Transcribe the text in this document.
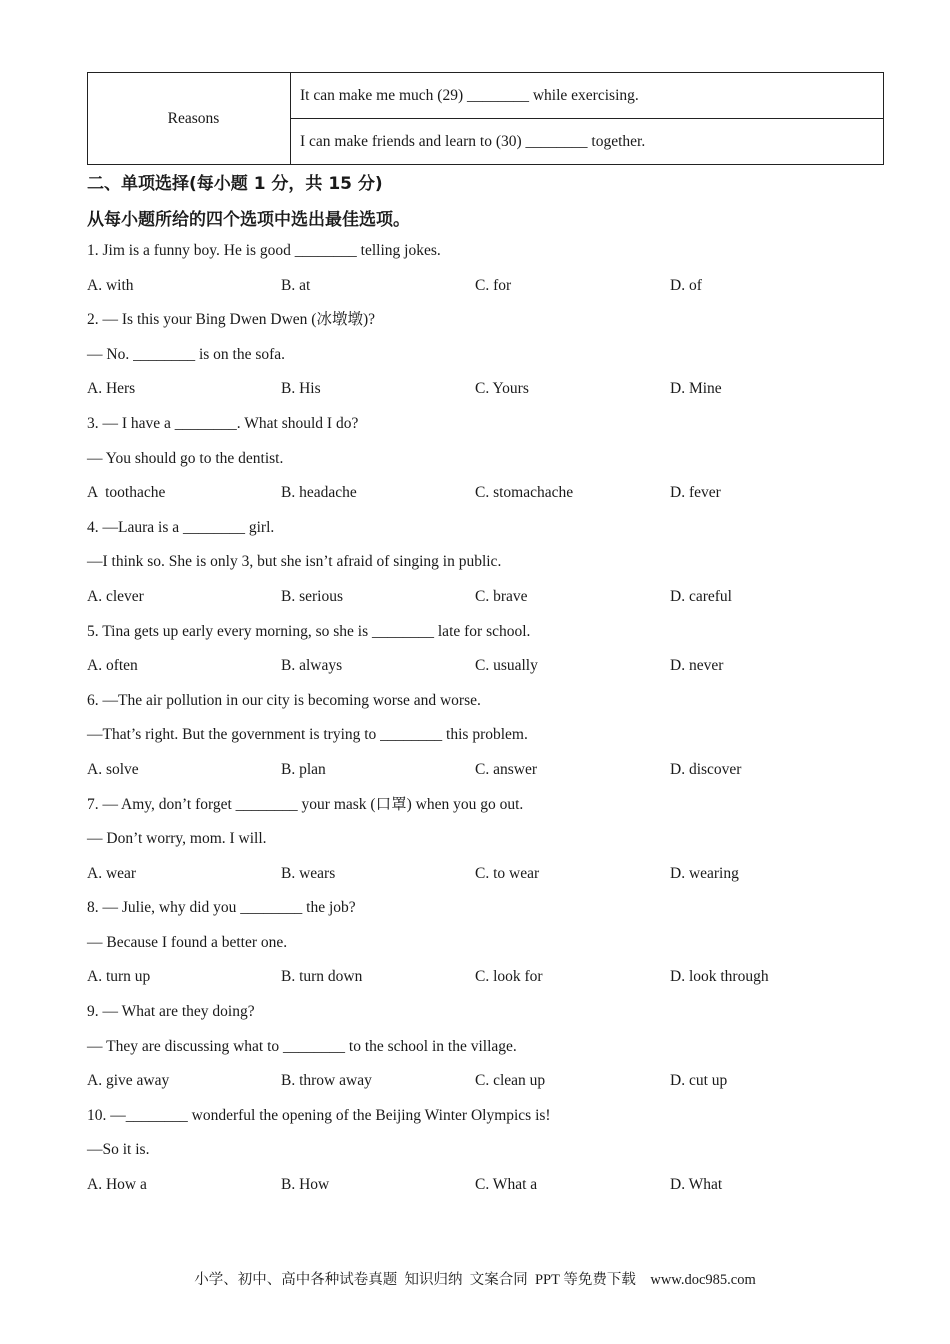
Reasons	It can make me much (29) ________ while exercising.
I can make friends and learn to (30) ________ together.
二、单项选择(每小题 1 分，共 15 分)
从每小题所给的四个选项中选出最佳选项。
1. Jim is a funny boy. He is good ________ telling jokes.
A. with	B. at	C. for	D. of
2. — Is this your Bing Dwen Dwen (冰墩墩)?
— No. ________ is on the sofa.
A. Hers	B. His	C. Yours	D. Mine
3. — I have a ________. What should I do?
— You should go to the dentist.
A  toothache	B. headache	C. stomachache	D. fever
4. —Laura is a ________ girl.
—I think so. She is only 3, but she isn’t afraid of singing in public.
A. clever	B. serious	C. brave	D. careful
5. Tina gets up early every morning, so she is ________ late for school.
A. often	B. always	C. usually	D. never
6. —The air pollution in our city is becoming worse and worse.
—That’s right. But the government is trying to ________ this problem.
A. solve	B. plan	C. answer	D. discover
7. — Amy, don’t forget ________ your mask (口罩) when you go out.
— Don’t worry, mom. I will.
A. wear	B. wears	C. to wear	D. wearing
8. — Julie, why did you ________ the job?
— Because I found a better one.
A. turn up	B. turn down	C. look for	D. look through
9. — What are they doing?
— They are discussing what to ________ to the school in the village.
A. give away	B. throw away	C. clean up	D. cut up
10. —________ wonderful the opening of the Beijing Winter Olympics is!
—So it is.
A. How a	B. How	C. What a	D. What
小学、初中、高中各种试卷真题  知识归纳  文案合同  PPT 等免费下载    www.doc985.com
